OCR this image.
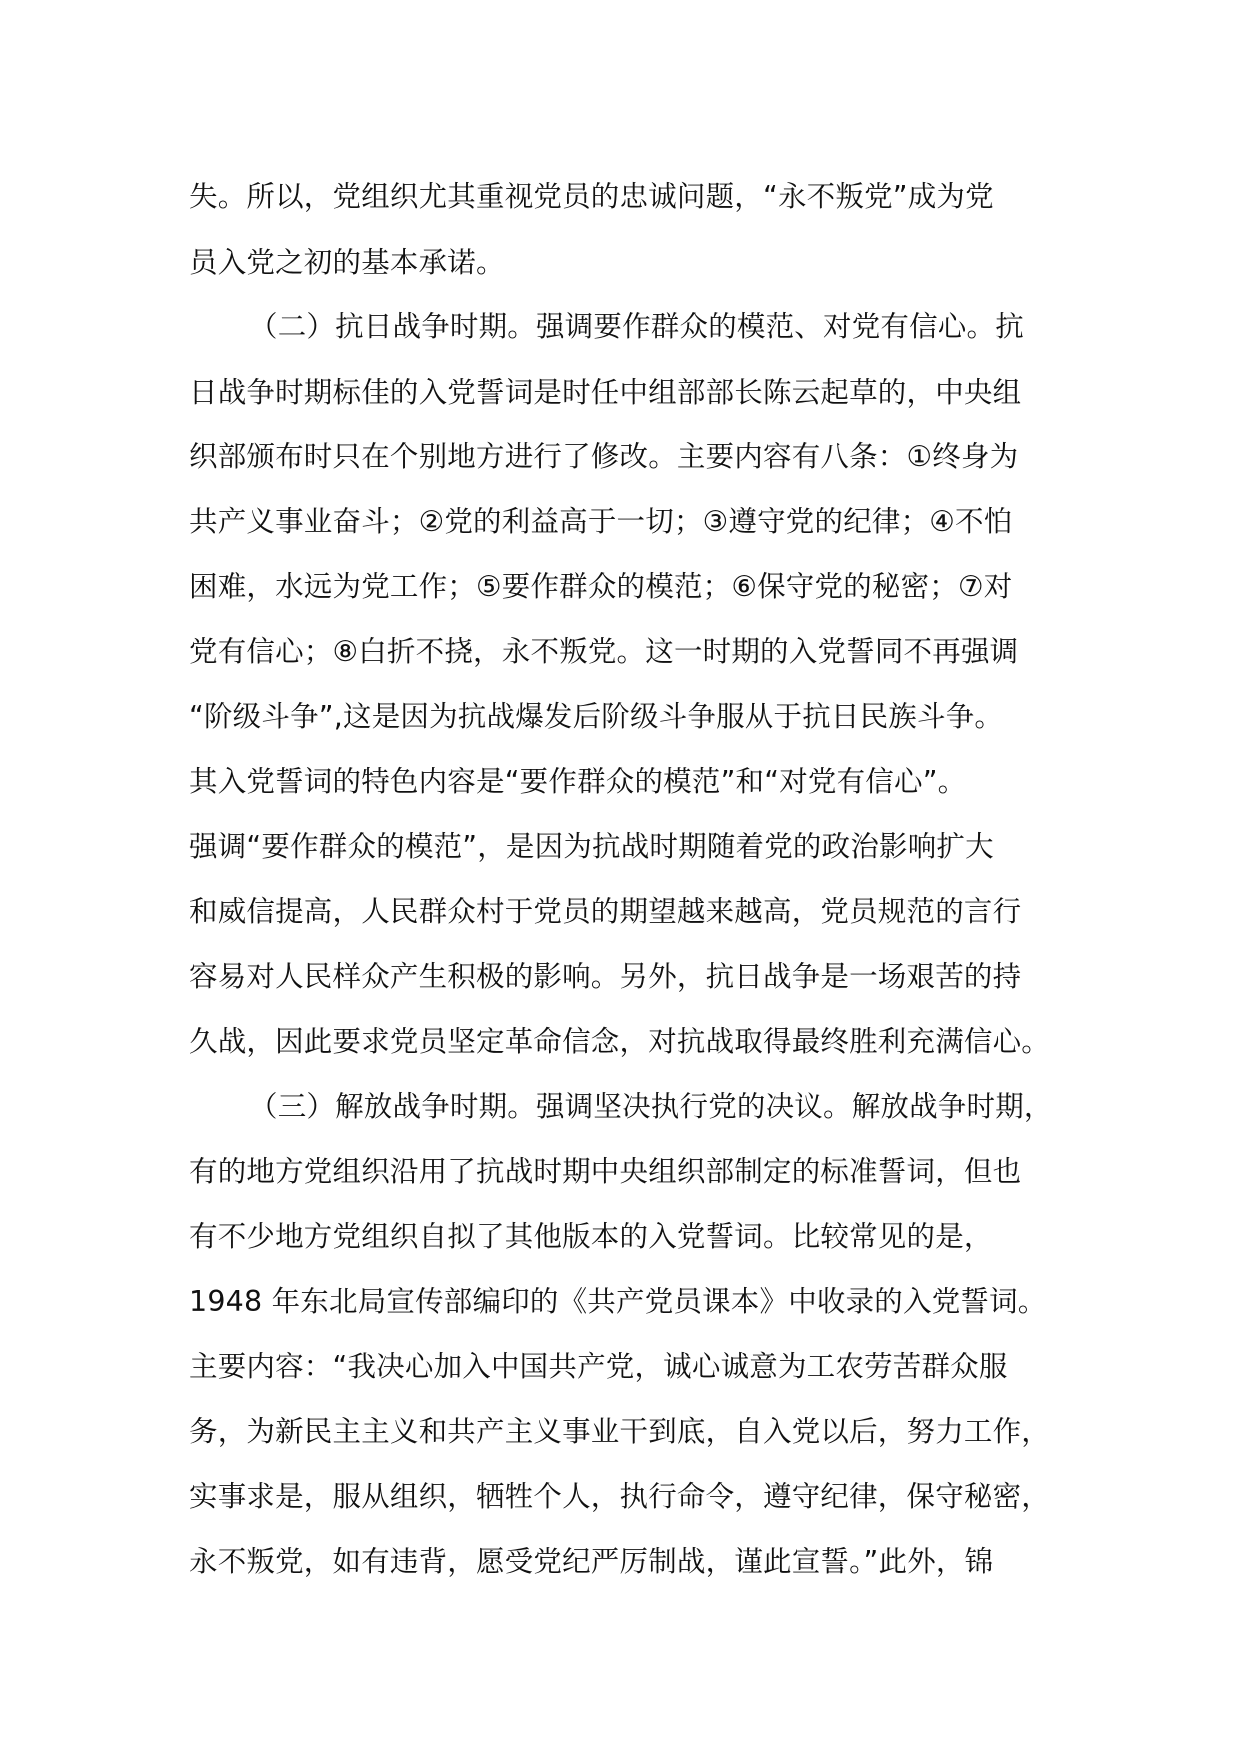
失。所以，党组织尤其重视党员的忠诚问题，“永不叛党”成为党
员入党之初的基本承诺。
（二）抗日战争时期。强调要作群众的模范、对党有信心。抗
日战争时期标佳的入党誓词是时任中组部部长陈云起草的，中央组
织部颁布时只在个别地方进行了修改。主要内容有八条：①终身为
共产义事业奋斗；②党的利益高于一切；③遵守党的纪律；④不怕
困难，水远为党工作；⑤要作群众的模范；⑥保守党的秘密；⑦对
党有信心；⑧白折不挠，永不叛党。这一时期的入党誓同不再强调
“阶级斗争”,这是因为抗战爆发后阶级斗争服从于抗日民族斗争。
其入党誓词的特色内容是“要作群众的模范”和“对党有信心”。
强调“要作群众的模范”，是因为抗战时期随着党的政治影响扩大
和威信提高，人民群众村于党员的期望越来越高，党员规范的言行
容易对人民样众产生积极的影响。另外，抗日战争是一场艰苦的持
久战，因此要求党员坚定革命信念，对抗战取得最终胜利充满信心。
（三）解放战争时期。强调坚决执行党的决议。解放战争时期，
有的地方党组织沿用了抗战时期中央组织部制定的标准誓词，但也
有不少地方党组织自拟了其他版本的入党誓词。比较常见的是，
1948 年东北局宣传部编印的《共产党员课本》中收录的入党誓词。
主要内容：“我决心加入中国共产党，诚心诚意为工农劳苦群众服
务，为新民主主义和共产主义事业干到底，自入党以后，努力工作，
实事求是，服从组织，牺牲个人，执行命令，遵守纪律，保守秘密，
永不叛党，如有违背，愿受党纪严厉制战，谨此宣誓。”此外，锦
